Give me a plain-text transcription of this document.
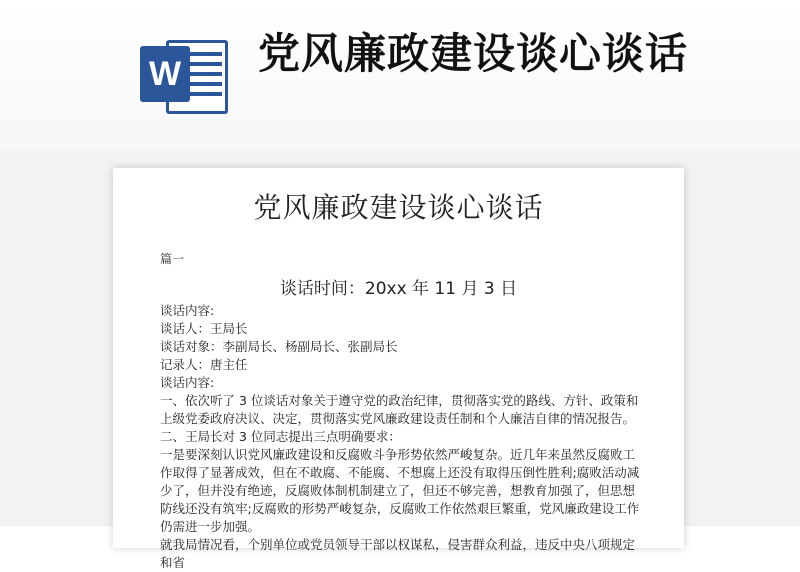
W 党风廉政建设谈心谈话
党风廉政建设谈心谈话
篇一
谈话时间：20xx 年 11 月 3 日

谈话内容:

谈话人：王局长

谈话对象：李副局长、杨副局长、张副局长

记录人：唐主任

谈话内容:

一、依次听了 3 位谈话对象关于遵守党的政治纪律，贯彻落实党的路线、方针、政策和上级党委政府决议、决定，贯彻落实党风廉政建设责任制和个人廉洁自律的情况报告。

二、王局长对 3 位同志提出三点明确要求：

一是要深刻认识党风廉政建设和反腐败斗争形势依然严峻复杂。近几年来虽然反腐败工作取得了显著成效，但在不敢腐、不能腐、不想腐上还没有取得压倒性胜利;腐败活动减少了，但并没有绝迹，反腐败体制机制建立了，但还不够完善，想教育加强了，但思想防线还没有筑牢;反腐败的形势严峻复杂，反腐败工作依然艰巨繁重，党风廉政建设工作仍需进一步加强。

就我局情况看，个别单位或党员领导干部以权谋私，侵害群众利益，违反中央八项规定和省
